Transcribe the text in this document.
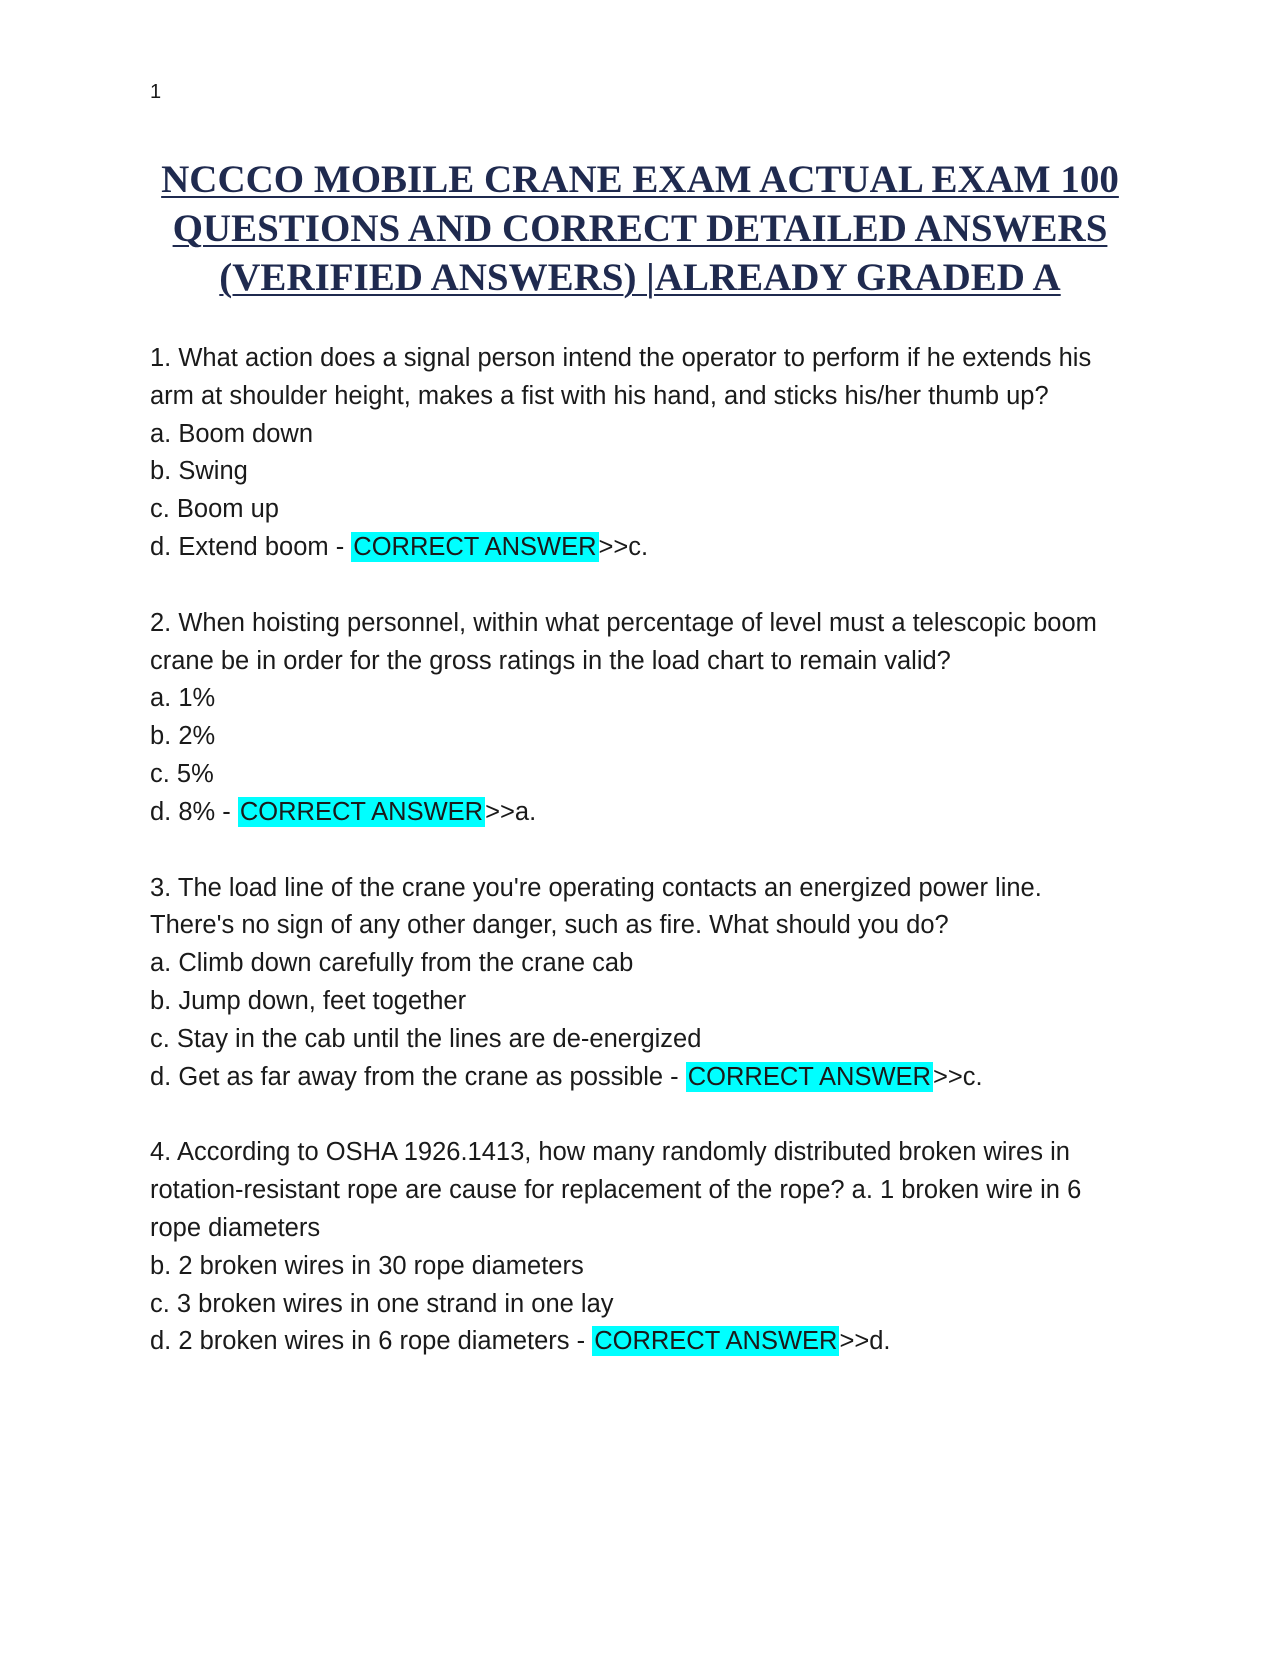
1
NCCCO MOBILE CRANE EXAM ACTUAL EXAM 100
QUESTIONS AND CORRECT DETAILED ANSWERS
(VERIFIED ANSWERS) |ALREADY GRADED A

1. What action does a signal person intend the operator to perform if he extends his arm at shoulder height, makes a fist with his hand, and sticks his/her thumb up?

a. Boom down

b. Swing

c. Boom up

d. Extend boom - CORRECT ANSWER>>c.

2. When hoisting personnel, within what percentage of level must a telescopic boom crane be in order for the gross ratings in the load chart to remain valid?

a. 1%

b. 2%

c. 5%

d. 8% - CORRECT ANSWER>>a.

3. The load line of the crane you're operating contacts an energized power line. There's no sign of any other danger, such as fire. What should you do?

a. Climb down carefully from the crane cab

b. Jump down, feet together

c. Stay in the cab until the lines are de-energized

d. Get as far away from the crane as possible - CORRECT ANSWER>>c.

4. According to OSHA 1926.1413, how many randomly distributed broken wires in rotation-resistant rope are cause for replacement of the rope? a. 1 broken wire in 6 rope diameters

b. 2 broken wires in 30 rope diameters

c. 3 broken wires in one strand in one lay

d. 2 broken wires in 6 rope diameters - CORRECT ANSWER>>d.
